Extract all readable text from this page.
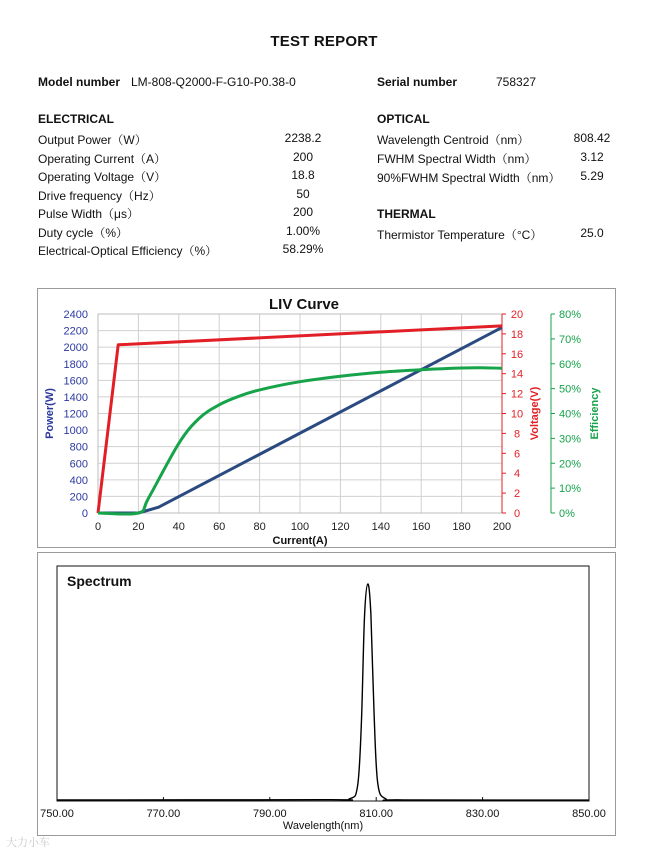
TEST REPORT
Model number LM-808-Q2000-F-G10-P0.38-0	Serial number	758327
ELECTRICAL
Output Power（W）	2238.2
Operating Current（A）	200
Operating Voltage（V）	18.8
Drive frequency（Hz）	50
Pulse Width（μs）	200
Duty cycle（%）	1.00%
Electrical-Optical Efficiency（%）	58.29%
OPTICAL
Wavelength Centroid（nm）	808.42
FWHM Spectral Width（nm）	3.12
90%FWHM Spectral Width（nm）	5.29
THERMAL
Thermistor Temperature（°C）	25.0
LIV Curve
0	20	40	60	80 100 120 140 160 180 200
Current(A)
0
200
400
600
800
1000
1200
1400
1600
1800
2000
2200
2400
Power(W)
0
2
4
6
8
10
12
14
16
18
20
Voltage(V)
0%
10%
20%
30%
40%
50%
60%
70%
80%
Efficiency
Spectrum
750.00	770.00	790.00	810.00	830.00	850.00
Wavelength(nm)
大力小车
